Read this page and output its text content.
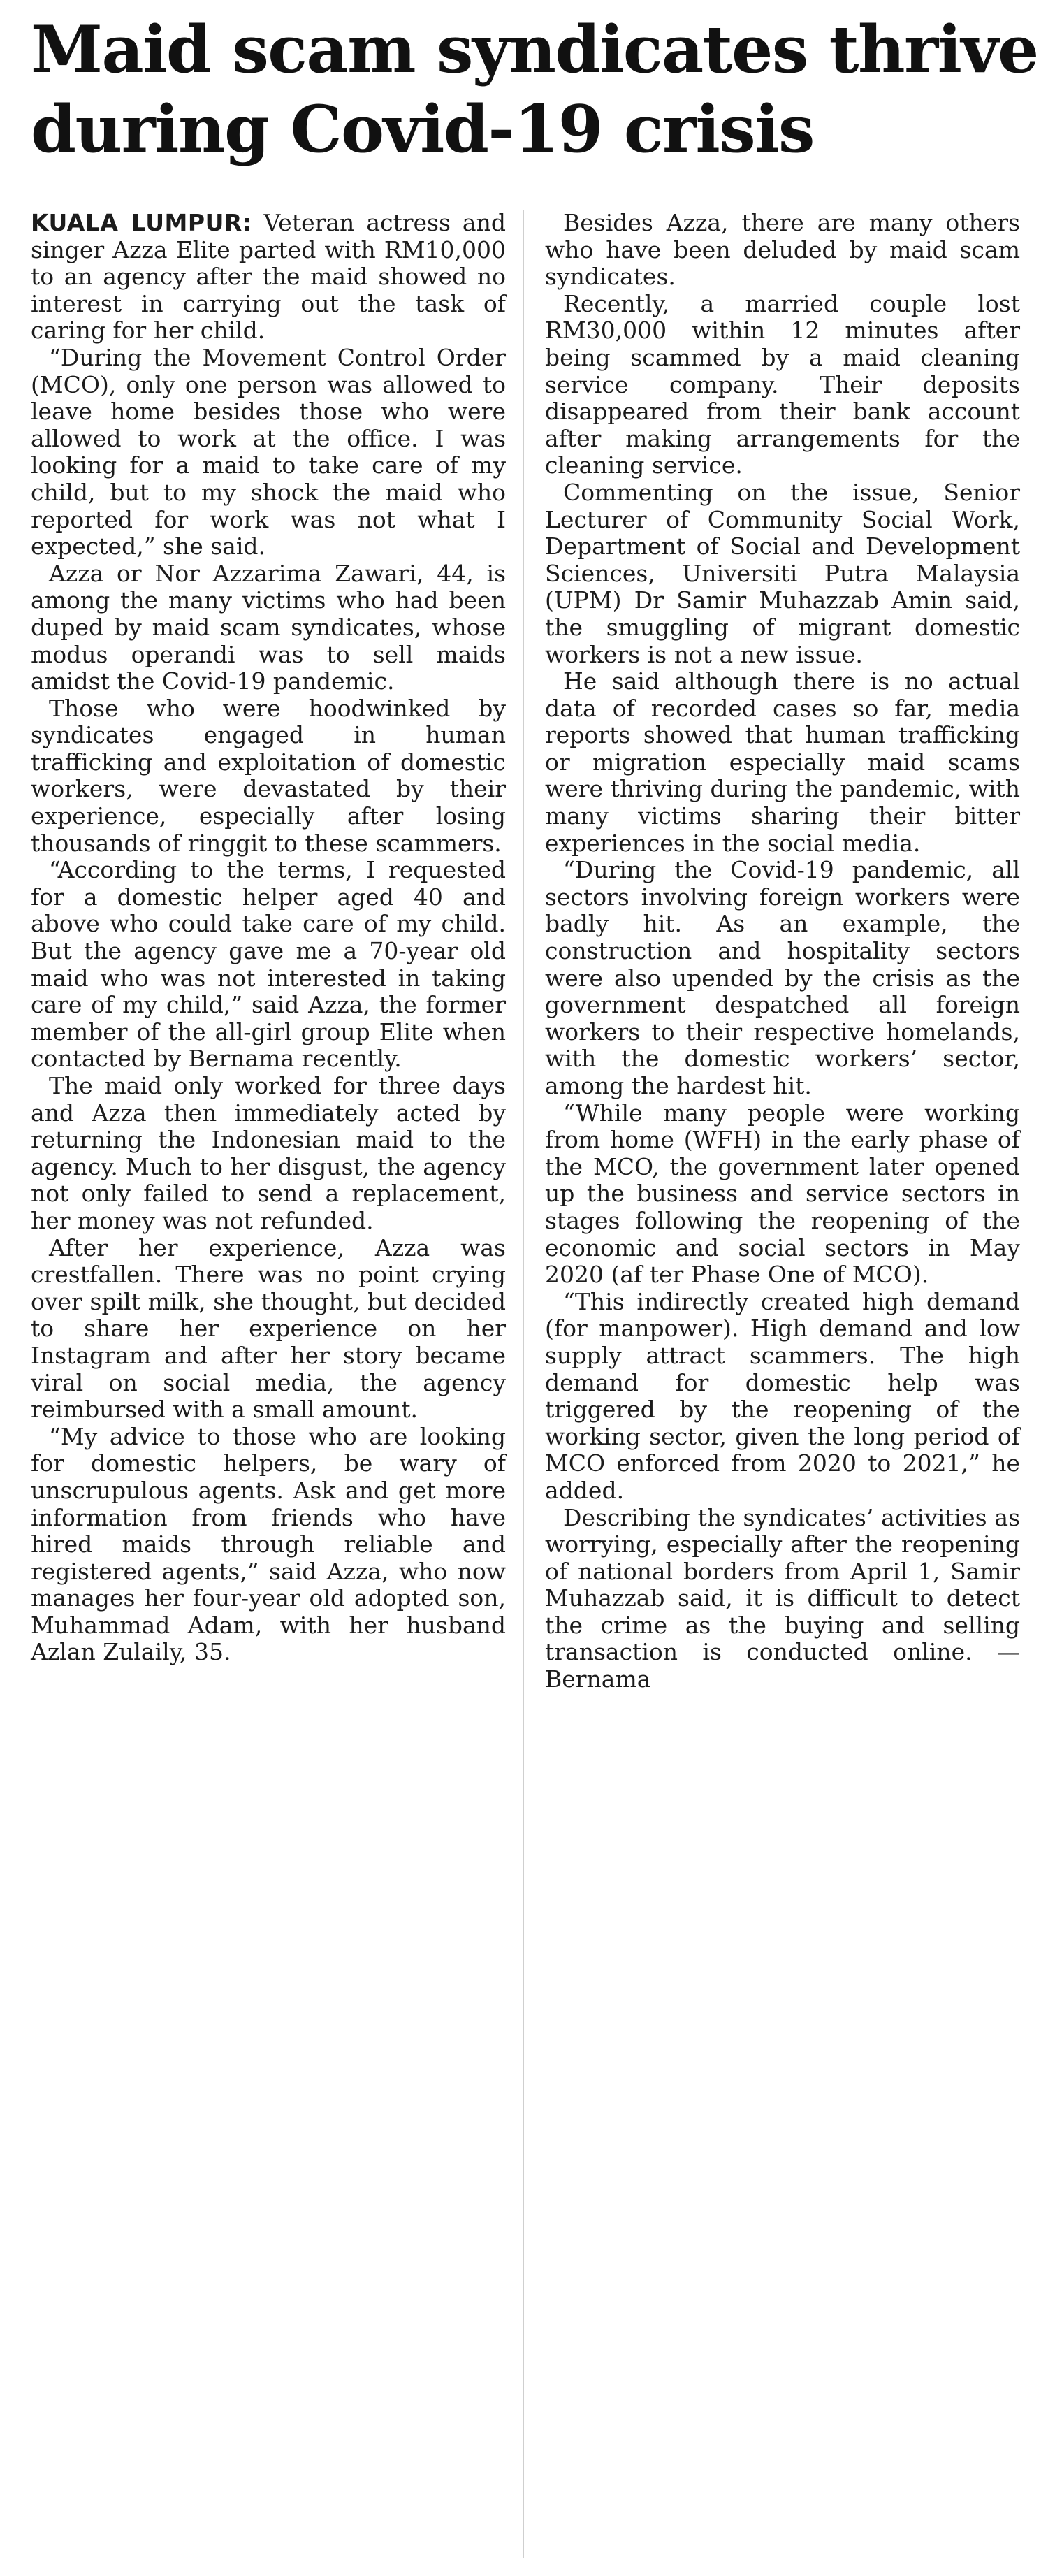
Maid scam syndicates thrive
during Covid-19 crisis

KUALA LUMPUR: Veteran actress and singer Azza Elite parted with RM10,000 to an agency after the maid showed no interest in carrying out the task of caring for her child.

“During the Movement Control Order (MCO), only one person was allowed to leave home besides those who were allowed to work at the office. I was looking for a maid to take care of my child, but to my shock the maid who reported for work was not what I expected,” she said.

Azza or Nor Azzarima Zawari, 44, is among the many victims who had been duped by maid scam syndicates, whose modus operandi was to sell maids amidst the Covid-19 pandemic.

Those who were hoodwinked by syndicates engaged in human trafficking and exploitation of domestic workers, were devastated by their experience, especially after losing thousands of ringgit to these scammers.

“According to the terms, I requested for a domestic helper aged 40 and above who could take care of my child. But the agency gave me a 70-year old maid who was not interested in taking care of my child,” said Azza, the former member of the all-girl group Elite when contacted by Bernama recently.

The maid only worked for three days and Azza then immediately acted by returning the Indonesian maid to the agency. Much to her disgust, the agency not only failed to send a replacement, her money was not refunded.

After her experience, Azza was crestfallen. There was no point crying over spilt milk, she thought, but decided to share her experience on her Instagram and after her story became viral on social media, the agency reimbursed with a small amount.

“My advice to those who are looking for domestic helpers, be wary of unscrupulous agents. Ask and get more information from friends who have hired maids through reliable and registered agents,” said Azza, who now manages her four-year old adopted son, Muhammad Adam, with her husband Azlan Zulaily, 35.

Besides Azza, there are many others who have been deluded by maid scam syndicates.

Recently, a married couple lost RM30,000 within 12 minutes after being scammed by a maid cleaning service company. Their deposits disappeared from their bank account after making arrangements for the cleaning service.

Commenting on the issue, Senior Lecturer of Community Social Work, Department of Social and Development Sciences, Universiti Putra Malaysia (UPM) Dr Samir Muhazzab Amin said, the smuggling of migrant domestic workers is not a new issue.

He said although there is no actual data of recorded cases so far, media reports showed that human trafficking or migration especially maid scams were thriving during the pandemic, with many victims sharing their bitter experiences in the social media.

“During the Covid-19 pandemic, all sectors involving foreign workers were badly hit. As an example, the construction and hospitality sectors were also upended by the crisis as the government despatched all foreign workers to their respective homelands, with the domestic workers’ sector, among the hardest hit.

“While many people were working from home (WFH) in the early phase of the MCO, the government later opened up the business and service sectors in stages following the reopening of the economic and social sectors in May 2020 (af ter Phase One of MCO).

“This indirectly created high demand (for manpower). High demand and low supply attract scammers. The high demand for domestic help was triggered by the reopening of the working sector, given the long period of MCO enforced from 2020 to 2021,” he added.

Describing the syndicates’ activities as worrying, especially after the reopening of national borders from April 1, Samir Muhazzab said, it is difficult to detect the crime as the buying and selling transaction is conducted online. — Bernama
